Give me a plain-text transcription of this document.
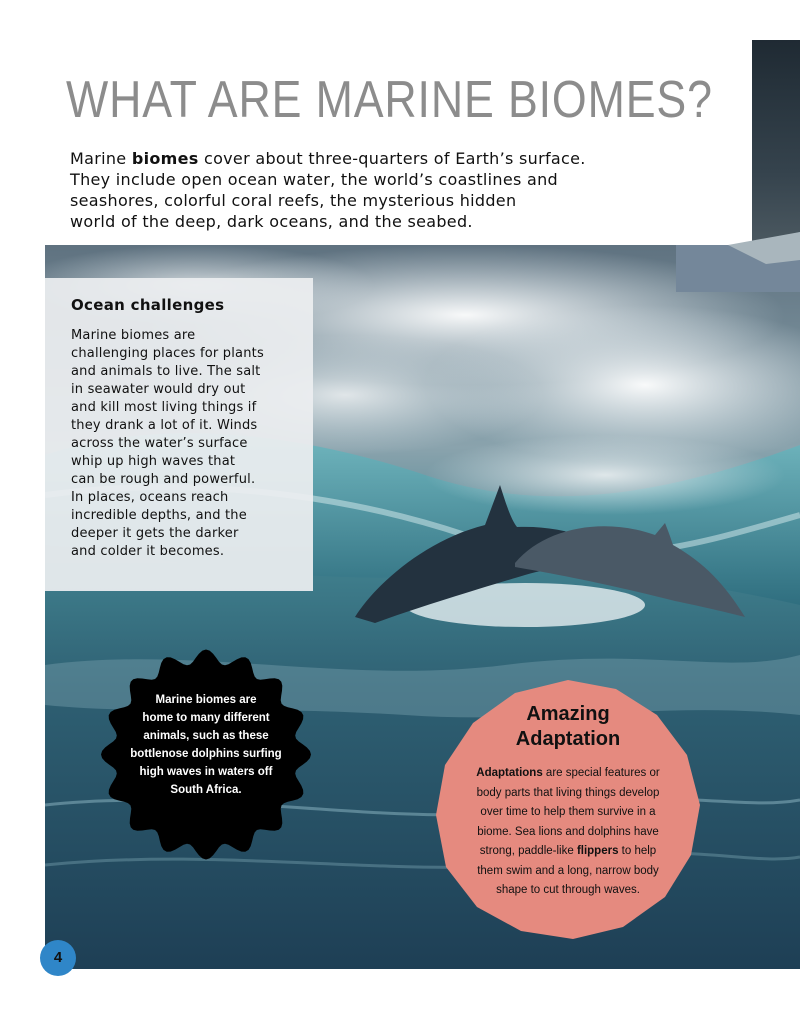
WHAT ARE MARINE BIOMES?

Marine biomes cover about three-quarters of Earth’s surface.
They include open ocean water, the world’s coastlines and
seashores, colorful coral reefs, the mysterious hidden
world of the deep, dark oceans, and the seabed.

Ocean challenges

Marine biomes are
challenging places for plants
and animals to live. The salt
in seawater would dry out
and kill most living things if
they drank a lot of it. Winds
across the water’s surface
whip up high waves that
can be rough and powerful.
In places, oceans reach
incredible depths, and the
deeper it gets the darker
and colder it becomes.

Marine biomes are
home to many different
animals, such as these
bottlenose dolphins surfing
high waves in waters off
South Africa.

Amazing
Adaptation

Adaptations are special features or
body parts that living things develop
over time to help them survive in a
biome. Sea lions and dolphins have
strong, paddle-like flippers to help
them swim and a long, narrow body
shape to cut through waves.

4
